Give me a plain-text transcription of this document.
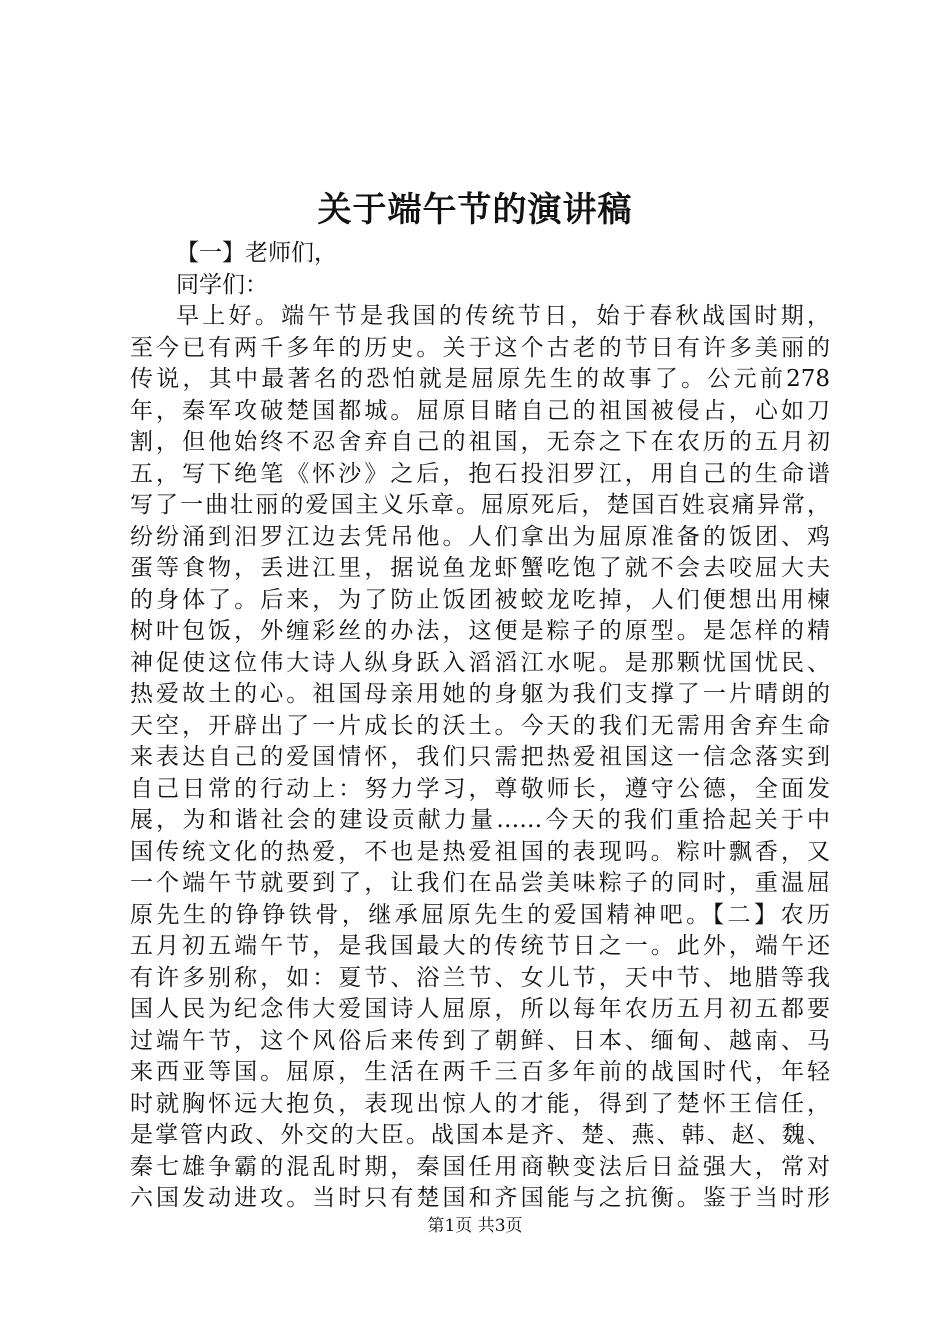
关于端午节的演讲稿
【一】老师们，
同学们：
早上好。端午节是我国的传统节日，始于春秋战国时期，
至今已有两千多年的历史。关于这个古老的节日有许多美丽的
传说，其中最著名的恐怕就是屈原先生的故事了。公元前278
年，秦军攻破楚国都城。屈原目睹自己的祖国被侵占，心如刀
割，但他始终不忍舍弃自己的祖国，无奈之下在农历的五月初
五，写下绝笔《怀沙》之后，抱石投汨罗江，用自己的生命谱
写了一曲壮丽的爱国主义乐章。屈原死后，楚国百姓哀痛异常，
纷纷涌到汨罗江边去凭吊他。人们拿出为屈原准备的饭团、鸡
蛋等食物，丢进江里，据说鱼龙虾蟹吃饱了就不会去咬屈大夫
的身体了。后来，为了防止饭团被蛟龙吃掉，人们便想出用楝
树叶包饭，外缠彩丝的办法，这便是粽子的原型。是怎样的精
神促使这位伟大诗人纵身跃入滔滔江水呢。是那颗忧国忧民、
热爱故土的心。祖国母亲用她的身躯为我们支撑了一片晴朗的
天空，开辟出了一片成长的沃土。今天的我们无需用舍弃生命
来表达自己的爱国情怀，我们只需把热爱祖国这一信念落实到
自己日常的行动上：努力学习，尊敬师长，遵守公德，全面发
展，为和谐社会的建设贡献力量……今天的我们重拾起关于中
国传统文化的热爱，不也是热爱祖国的表现吗。粽叶飘香，又
一个端午节就要到了，让我们在品尝美味粽子的同时，重温屈
原先生的铮铮铁骨，继承屈原先生的爱国精神吧。【二】农历
五月初五端午节，是我国最大的传统节日之一。此外，端午还
有许多别称，如：夏节、浴兰节、女儿节，天中节、地腊等我
国人民为纪念伟大爱国诗人屈原，所以每年农历五月初五都要
过端午节，这个风俗后来传到了朝鲜、日本、缅甸、越南、马
来西亚等国。屈原，生活在两千三百多年前的战国时代，年轻
时就胸怀远大抱负，表现出惊人的才能，得到了楚怀王信任，
是掌管内政、外交的大臣。战国本是齐、楚、燕、韩、赵、魏、
秦七雄争霸的混乱时期，秦国任用商鞅变法后日益强大，常对
六国发动进攻。当时只有楚国和齐国能与之抗衡。鉴于当时形
第1页 共3页
